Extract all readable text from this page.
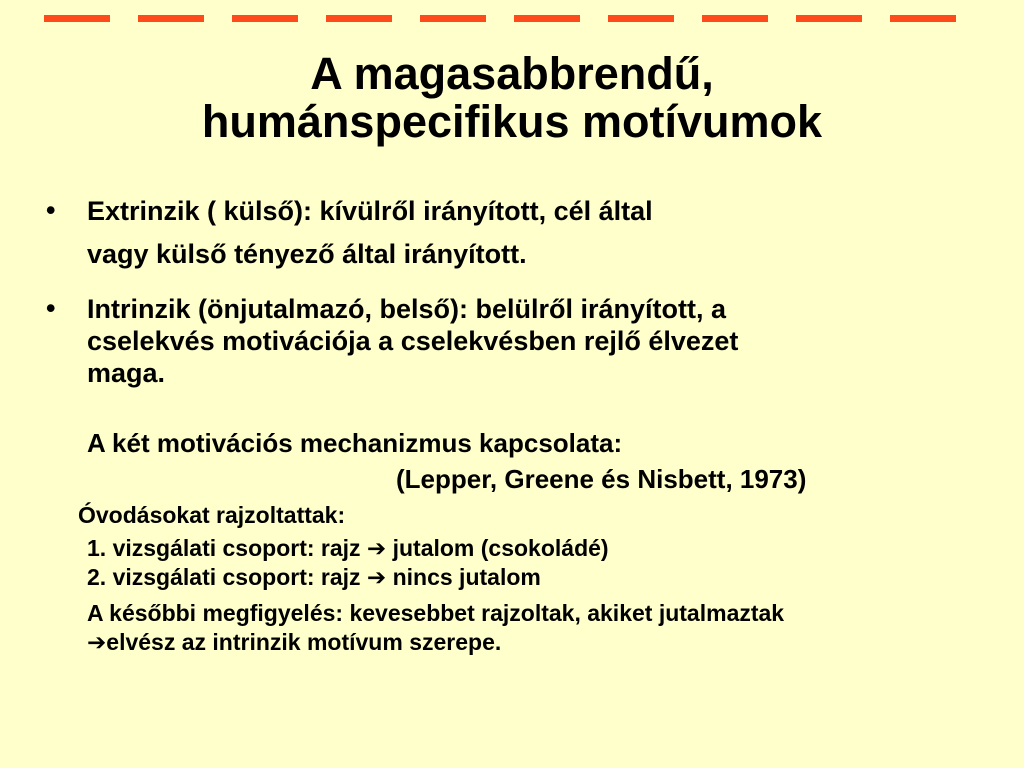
A magasabbrendű,
humánspecifikus motívumok
• Extrinzik ( külső): kívülről irányított, cél által
vagy külső tényező által irányított.
• Intrinzik (önjutalmazó, belső): belülről irányított, a
cselekvés motivációja a cselekvésben rejlő élvezet
maga.
A két motivációs mechanizmus kapcsolata:
(Lepper, Greene és Nisbett, 1973)
Óvodásokat rajzoltattak:
1. vizsgálati csoport: rajz ➔ jutalom (csokoládé)
2. vizsgálati csoport: rajz ➔ nincs jutalom
A későbbi megfigyelés: kevesebbet rajzoltak, akiket jutalmaztak
➔elvész az intrinzik motívum szerepe.
